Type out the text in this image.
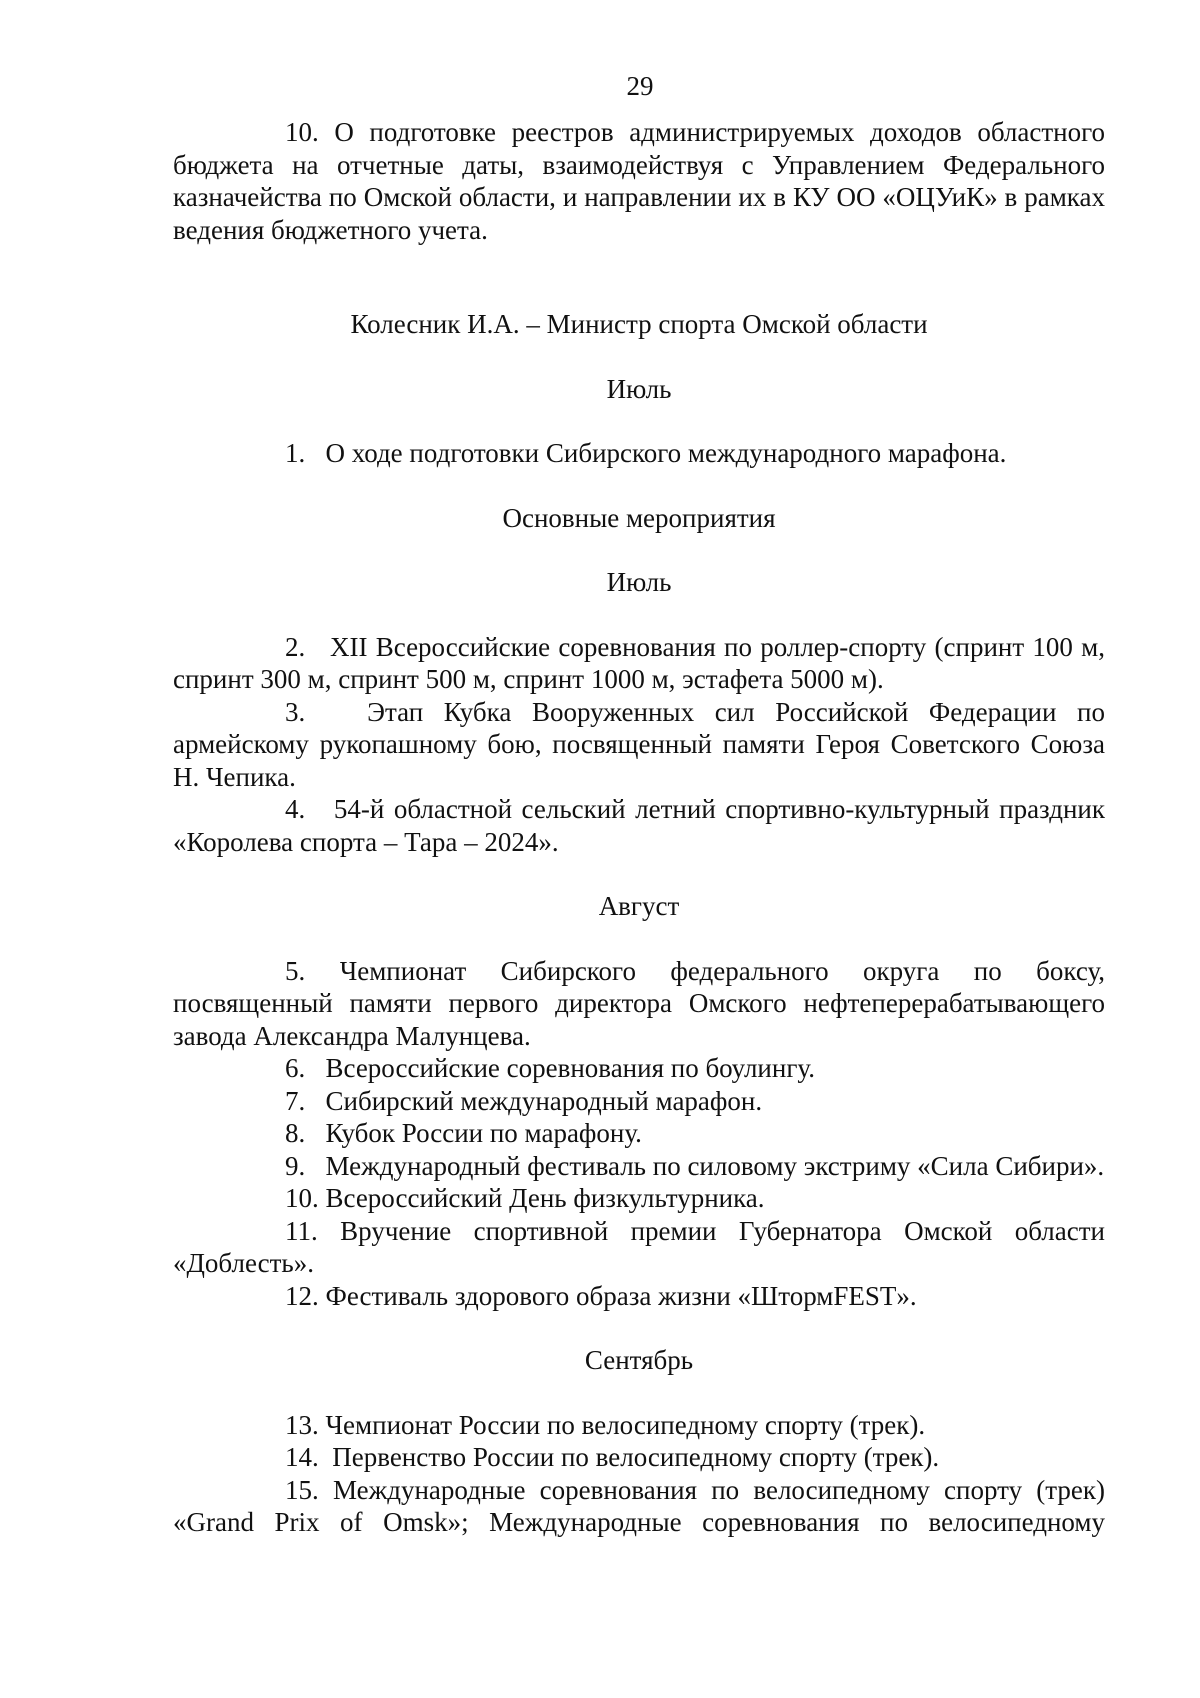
29

10. О подготовке реестров администрируемых доходов областного бюджета на отчетные даты, взаимодействуя с Управлением Федерального казначейства по Омской области, и направлении их в КУ ОО «ОЦУиК» в рамках ведения бюджетного учета.

Колесник И.А. – Министр спорта Омской области

Июль

1. О ходе подготовки Сибирского международного марафона.

Основные мероприятия

Июль

2. XII Всероссийские соревнования по роллер-спорту (спринт 100 м, спринт 300 м, спринт 500 м, спринт 1000 м, эстафета 5000 м).

3. Этап Кубка Вооруженных сил Российской Федерации по армейскому рукопашному бою, посвященный памяти Героя Советского Союза Н. Чепика.

4. 54-й областной сельский летний спортивно-культурный праздник «Королева спорта – Тара – 2024».

Август

5. Чемпионат Сибирского федерального округа по боксу, посвященный памяти первого директора Омского нефтеперерабатывающего завода Александра Малунцева.

6. Всероссийские соревнования по боулингу.

7. Сибирский международный марафон.

8. Кубок России по марафону.

9. Международный фестиваль по силовому экстриму «Сила Сибири».

10. Всероссийский День физкультурника.

11. Вручение спортивной премии Губернатора Омской области «Доблесть».

12. Фестиваль здорового образа жизни «ШтормFEST».

Сентябрь

13. Чемпионат России по велосипедному спорту (трек).

14. Первенство России по велосипедному спорту (трек).

15. Международные соревнования по велосипедному спорту (трек) «Grand Prix of Omsk»; Международные соревнования по велосипедному
